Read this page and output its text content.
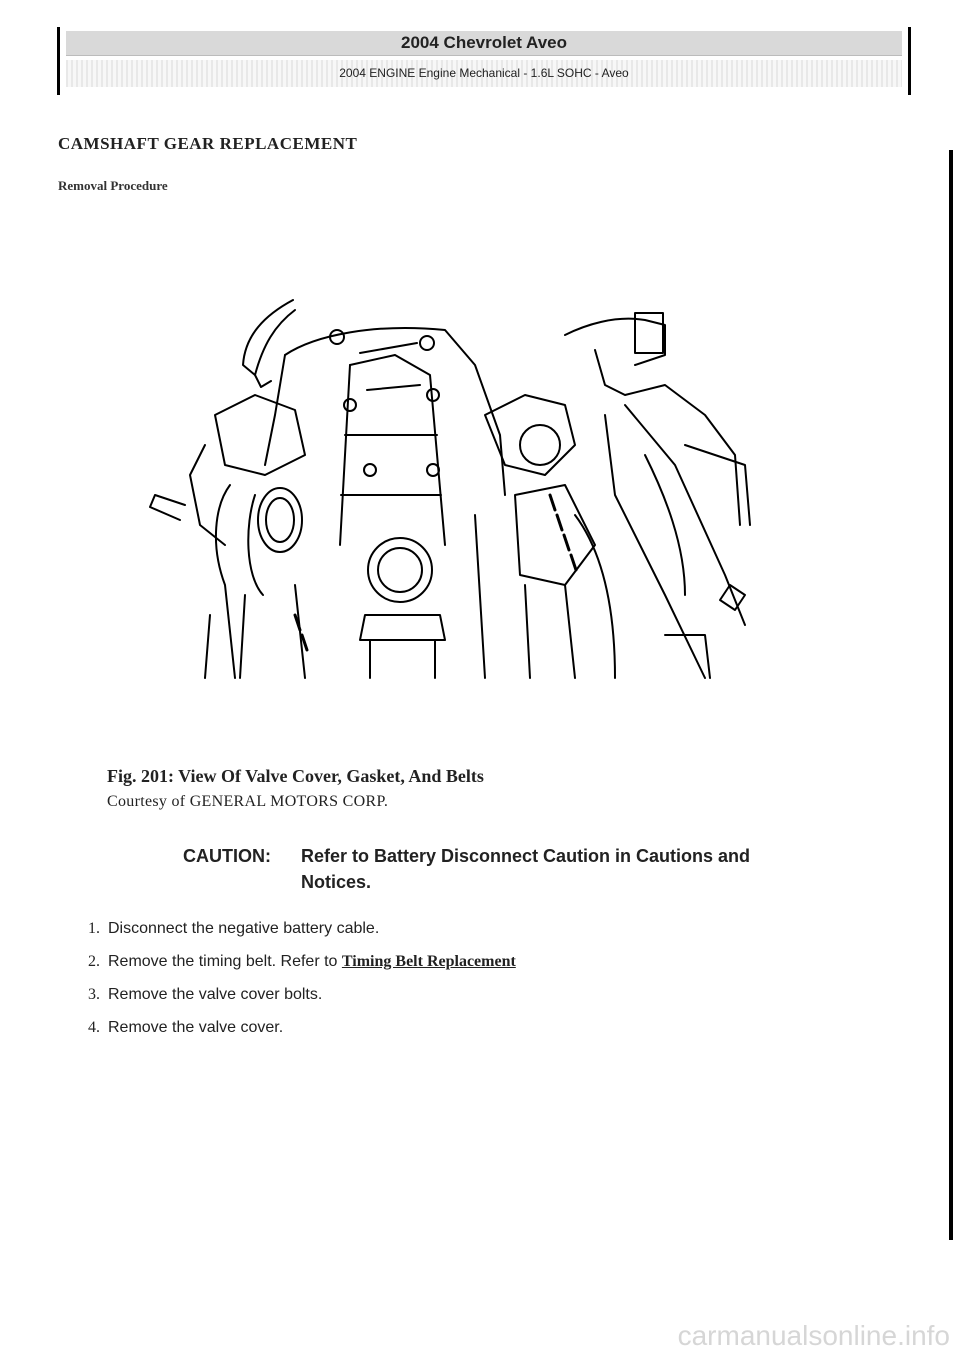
2004 Chevrolet Aveo
2004 ENGINE Engine Mechanical - 1.6L SOHC - Aveo
CAMSHAFT GEAR REPLACEMENT
Removal Procedure
Fig. 201: View Of Valve Cover, Gasket, And Belts
Courtesy of GENERAL MOTORS CORP.
CAUTION: Refer to Battery Disconnect Caution in Cautions and
Notices.
1. Disconnect the negative battery cable.
2. Remove the timing belt. Refer to Timing Belt Replacement
3. Remove the valve cover bolts.
4. Remove the valve cover.
carmanualsonline.info
